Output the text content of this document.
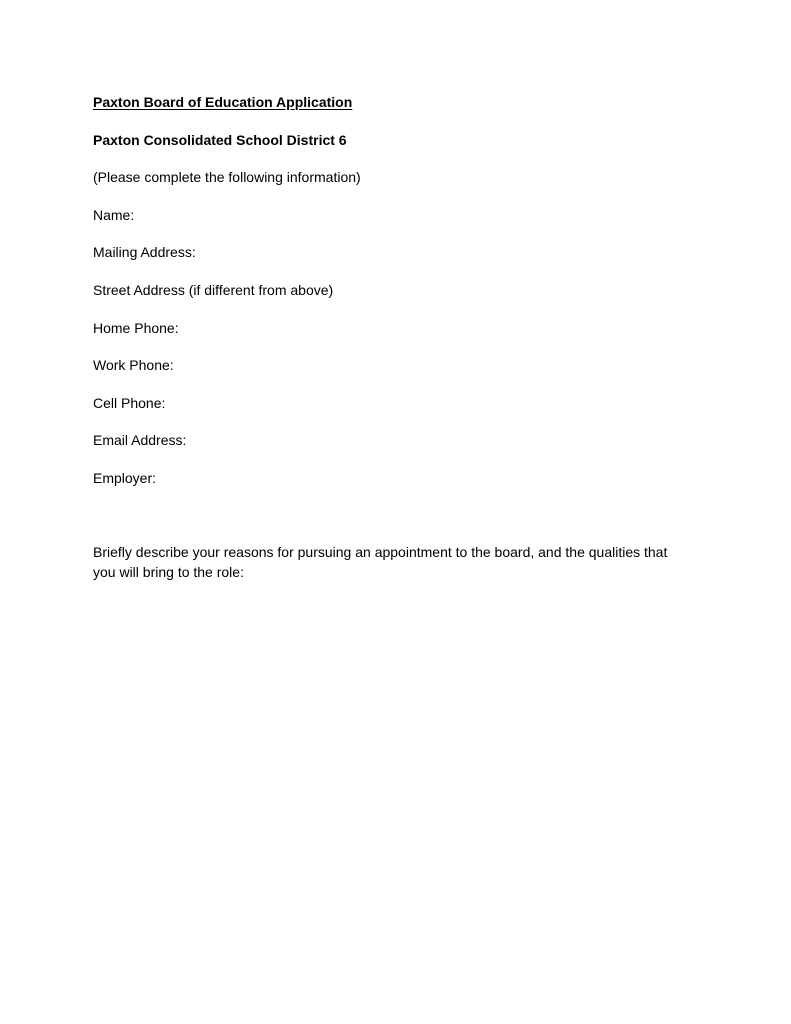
Paxton Board of Education Application

Paxton Consolidated School District 6

(Please complete the following information)

Name:

Mailing Address:

Street Address (if different from above)

Home Phone:

Work Phone:

Cell Phone:

Email Address:

Employer:

Briefly describe your reasons for pursuing an appointment to the board, and the qualities that you will bring to the role:
